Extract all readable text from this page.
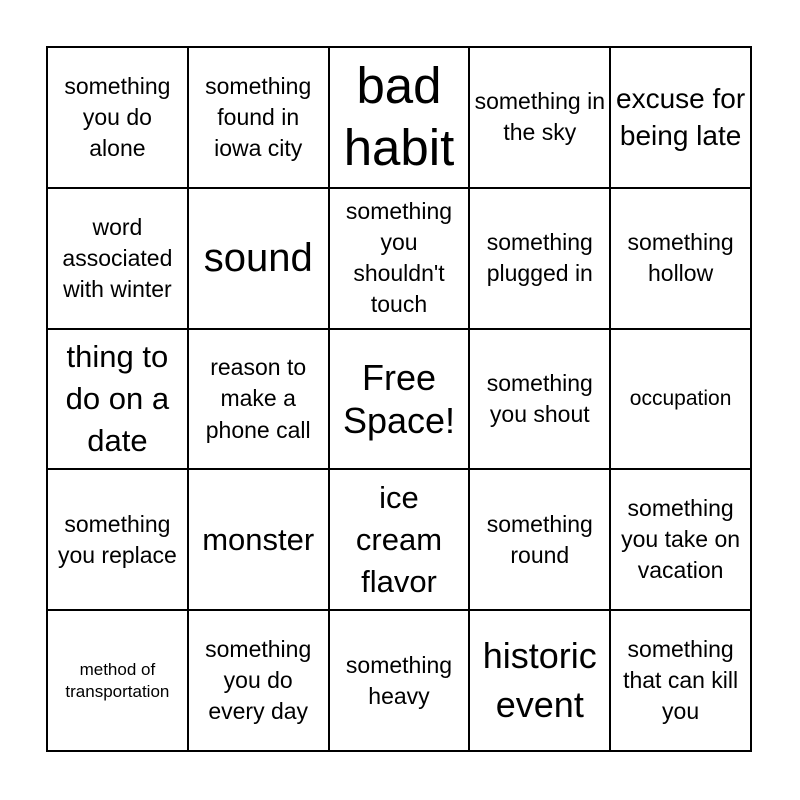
something you do alone
something found in iowa city
bad habit
something in the sky
excuse for being late
word associated with winter
sound
something you shouldn't touch
something plugged in
something hollow
thing to do on a date
reason to make a phone call
Free Space!
something you shout
occupation
something you replace monster
ice cream flavor
something round
something you take on vacation
method of transportation
something you do every day
something heavy
historic event
something that can kill you
